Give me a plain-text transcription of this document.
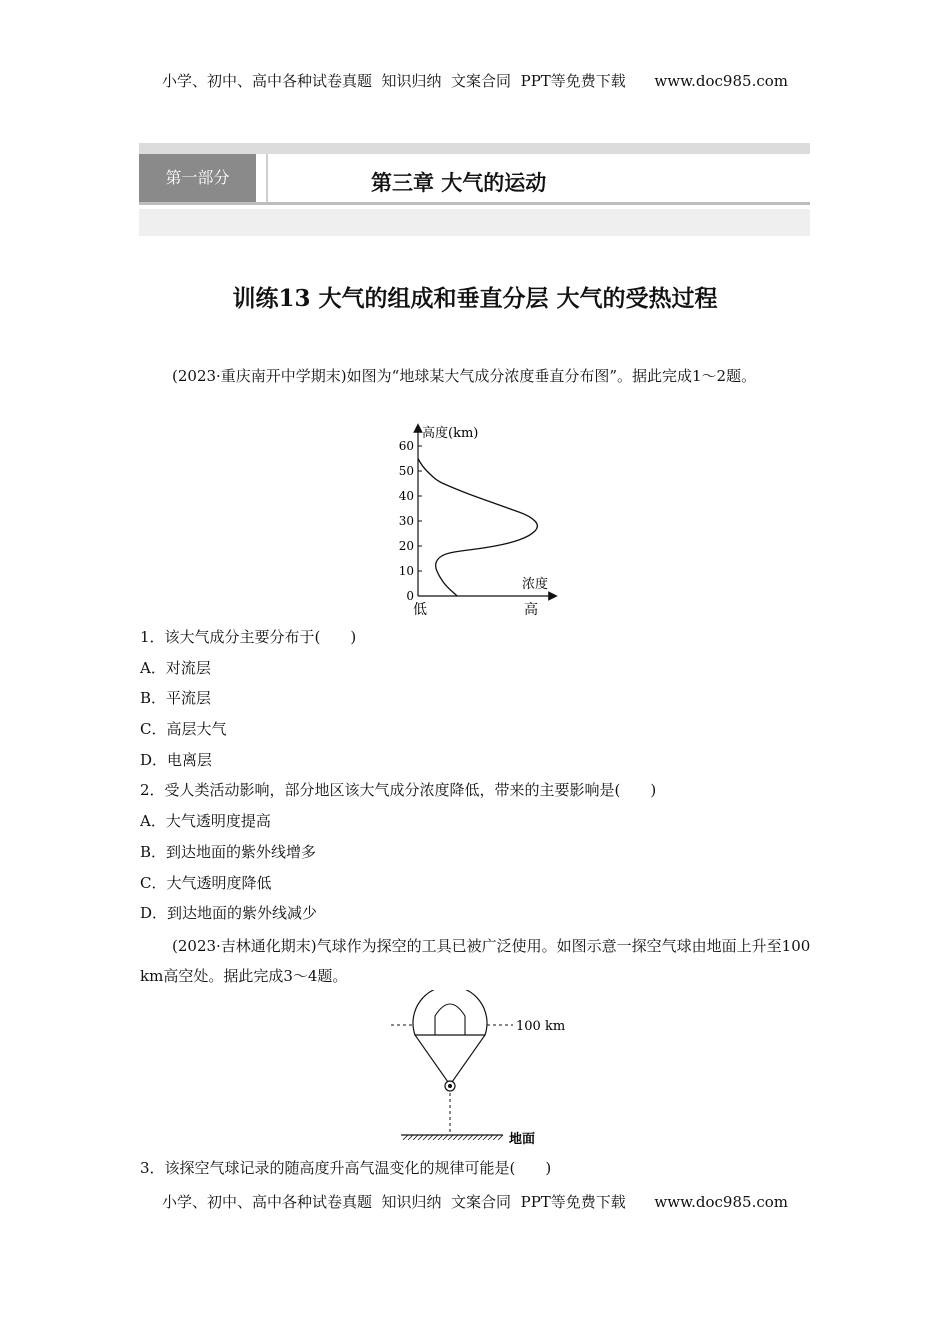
小学、初中、高中各种试卷真题  知识归纳  文案合同  PPT等免费下载      www.doc985.com
第一部分	第三章 大气的运动
训练13 大气的组成和垂直分层 大气的受热过程
(2023·重庆南开中学期末)如图为“地球某大气成分浓度垂直分布图”。据此完成1～2题。
高度(km)
浓度
低	高
60
50
40
30
20
10
0
1．该大气成分主要分布于(　　)
A．对流层
B．平流层
C．高层大气
D．电离层
2．受人类活动影响，部分地区该大气成分浓度降低，带来的主要影响是(　　)
A．大气透明度提高
B．到达地面的紫外线增多
C．大气透明度降低
D．到达地面的紫外线减少
(2023·吉林通化期末)气球作为探空的工具已被广泛使用。如图示意一探空气球由地面上升至100 km高空处。据此完成3～4题。
100 km
地面
3．该探空气球记录的随高度升高气温变化的规律可能是(　　)
小学、初中、高中各种试卷真题  知识归纳  文案合同  PPT等免费下载      www.doc985.com
